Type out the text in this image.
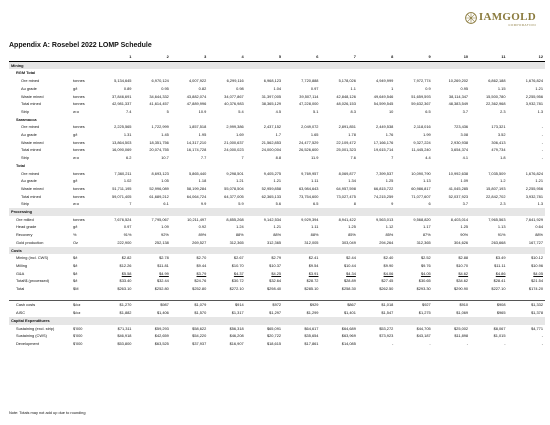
IAMGOLD
CORPORATION
Appendix A: Rosebel 2022 LOMP Schedule
		1	2	3	4	5	6	7	8	9	10	11	12
Mining													
RGM Total													
Ore mined	tonnes	5,134,645	6,970,124	4,007,922	6,299,116	6,968,123	7,720,888	5,178,026	4,949,999	7,972,774	10,269,202	6,862,188	1,676,824
Au grade	g/t	0.89	0.95	0.82	0.98	1.04	0.97	1.1	1	0.9	0.95	1.15	1.21
Waste mined	tonnes	37,846,691	34,644,332	43,882,074	34,077,867	31,397,005	39,507,114	42,848,126	49,649,546	51,659,593	38,114,347	15,500,780	2,255,956
Total mined	tonnes	42,981,337	41,614,457	47,889,996	40,376,983	38,365,129	47,228,000	48,026,153	54,599,545	59,632,367	48,383,549	22,362,968	3,932,781
Strip	w:o	7.4	5	10.9	5.4	4.5	5.1	8.3	10	6.5	3.7	2.3	1.3
Saramacca													
Ore mined	tonnes	2,225,565	1,722,999	1,857,518	2,999,386	2,437,152	2,049,072	2,891,851	2,449,538	2,118,016	723,436	173,321	-
Au grade	g/t	1.31	1.45	1.95	1.69	1.7	1.65	1.78	1.76	1.99	3.08	3.52	-
Waste mined	tonnes	13,864,503	18,351,756	14,317,210	21,000,637	21,562,853	24,477,529	22,109,472	17,166,176	9,327,224	2,930,938	306,413	-
Total mined	tonnes	16,090,069	20,074,755	16,174,728	24,000,023	24,000,004	26,526,600	25,001,323	19,615,714	11,445,240	3,654,374	479,734	-
Strip	w:o	6.2	10.7	7.7	7	8.8	11.9	7.6	7	4.4	4.1	1.8	-
Total													
Ore mined	tonnes	7,360,211	8,693,123	5,865,440	9,298,501	9,405,275	9,769,957	8,069,877	7,399,537	10,090,790	10,992,638	7,035,509	1,676,824
Au grade	g/t	1.02	1.05	1.18	1.21	1.21	1.11	1.34	1.25	1.13	1.09	1.2	1.21
Waste mined	tonnes	51,711,195	52,996,089	58,199,284	55,078,504	52,959,858	63,984,643	64,957,598	66,815,722	60,986,817	41,045,285	15,807,193	2,255,956
Total mined	tonnes	59,071,405	61,689,212	64,064,724	64,377,005	62,365,133	73,754,600	73,027,475	74,215,259	71,077,607	52,037,923	22,842,702	3,932,781
Strip	w:o	7	6.1	9.9	5.9	5.6	6.5	8	9	6	3.7	2.3	1.3
Processing													
Ore milled	tonnes	7,676,524	7,795,067	10,211,497	8,855,268	9,142,534	9,929,394	8,941,422	9,563,013	9,568,820	8,403,014	7,965,563	7,641,929
Head grade	g/t	0.97	1.09	0.92	1.24	1.21	1.11	1.25	1.12	1.17	1.25	1.13	0.64
Recovery	%	91%	92%	89%	88%	88%	88%	85%	85%	87%	90%	91%	88%
Gold production	Oz	222,900	252,138	269,527	312,365	312,365	312,005	303,049	294,264	312,365	304,626	263,668	167,727
Costs													
Mining (incl. CWS)	$/t	$2.82	$2.78	$2.70	$2.67	$2.79	$2.41	$2.44	$2.40	$2.52	$2.88	$3.49	$10.12
Milling	$/t	$12.26	$11.81	$9.44	$10.70	$10.37	$9.54	$10.44	$9.90	$9.76	$10.70	$11.11	$10.96
G&A	$/t	$5.58	$4.99	$3.79	$4.37	$4.25	$3.91	$4.34	$4.06	$4.05	$4.62	$4.86	$4.05
Total\$ (processed)	$/t	$33.40	$32.44	$24.76	$30.72	$32.64	$28.72	$28.89	$27.45	$30.65	$34.62	$28.41	$21.54
Total	$M	$263.10	$252.80	$252.80	$272.10	$298.40	$285.10	$258.30	$262.50	$293.30	$290.90	$227.10	$174.20

Cash costs	$/oz	$1,270	$987	$1,079	$914	$972	$929	$867	$1,018	$927	$910	$908	$1,332
AISC	$/oz	$1,882	$1,406	$1,570	$1,317	$1,297	$1,299	$1,401	$1,547	$1,275	$1,069	$965	$1,378
Capital Expenditures													
Sustaining (excl. strip)	$'000	$71,311	$59,293	$58,622	$56,318	$65,091	$64,617	$64,689	$53,272	$44,705	$25,002	$8,067	$4,771
Sustaining (CWS)	$'000	$46,918	$42,659	$54,220	$46,208	$20,722	$35,654	$63,969	$73,923	$43,187	$11,898	$1,015	-
Development	$'000	$53,800	$63,525	$37,937	$16,907	$18,615	$17,861	$14,085	-	-	-	-	-
Note: Totals may not add up due to rounding
